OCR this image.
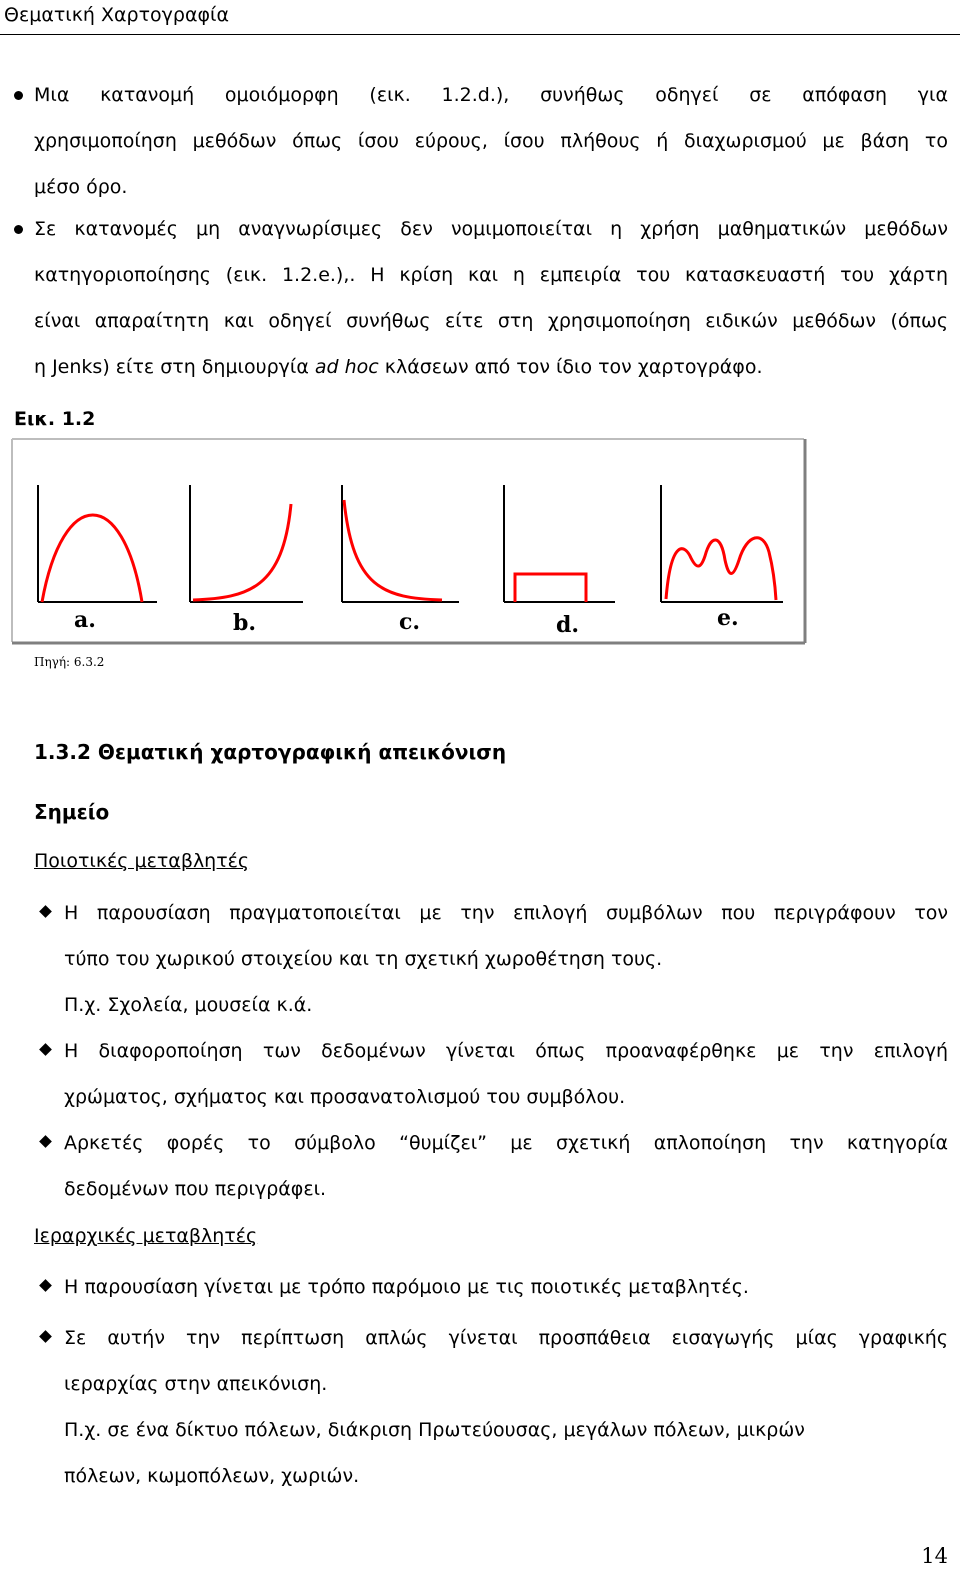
Θεματική Χαρτογραφία
Μια κατανομή ομοιόμορφη (εικ. 1.2.d.), συνήθως οδηγεί σε απόφαση για
χρησιμοποίηση μεθόδων όπως ίσου εύρους, ίσου πλήθους ή διαχωρισμού με βάση το
μέσο όρο.
Σε κατανομές μη αναγνωρίσιμες δεν νομιμοποιείται η χρήση μαθηματικών μεθόδων
κατηγοριοποίησης (εικ. 1.2.e.),. Η κρίση και η εμπειρία του κατασκευαστή του χάρτη
είναι απαραίτητη και οδηγεί συνήθως είτε στη χρησιμοποίηση ειδικών μεθόδων (όπως
η Jenks) είτε στη δημιουργία ad hoc κλάσεων από τον ίδιο τον χαρτογράφο.
Εικ. 1.2
a.	b.	c.	d.	e.
Πηγή: 6.3.2
1.3.2 Θεματική χαρτογραφική απεικόνιση
Σημείο
Ποιοτικές μεταβλητές
Η παρουσίαση πραγματοποιείται με την επιλογή συμβόλων που περιγράφουν τον
τύπο του χωρικού στοιχείου και τη σχετική χωροθέτηση τους.
Π.χ. Σχολεία, μουσεία κ.ά.
Η διαφοροποίηση των δεδομένων γίνεται όπως προαναφέρθηκε με την επιλογή
χρώματος, σχήματος και προσανατολισμού του συμβόλου.
Αρκετές φορές το σύμβολο “θυμίζει” με σχετική απλοποίηση την κατηγορία
δεδομένων που περιγράφει.
Ιεραρχικές μεταβλητές
Η παρουσίαση γίνεται με τρόπο παρόμοιο με τις ποιοτικές μεταβλητές.
Σε αυτήν την περίπτωση απλώς γίνεται προσπάθεια εισαγωγής μίας γραφικής
ιεραρχίας στην απεικόνιση.
Π.χ. σε ένα δίκτυο πόλεων, διάκριση Πρωτεύουσας, μεγάλων πόλεων, μικρών
πόλεων, κωμοπόλεων, χωριών.
14
